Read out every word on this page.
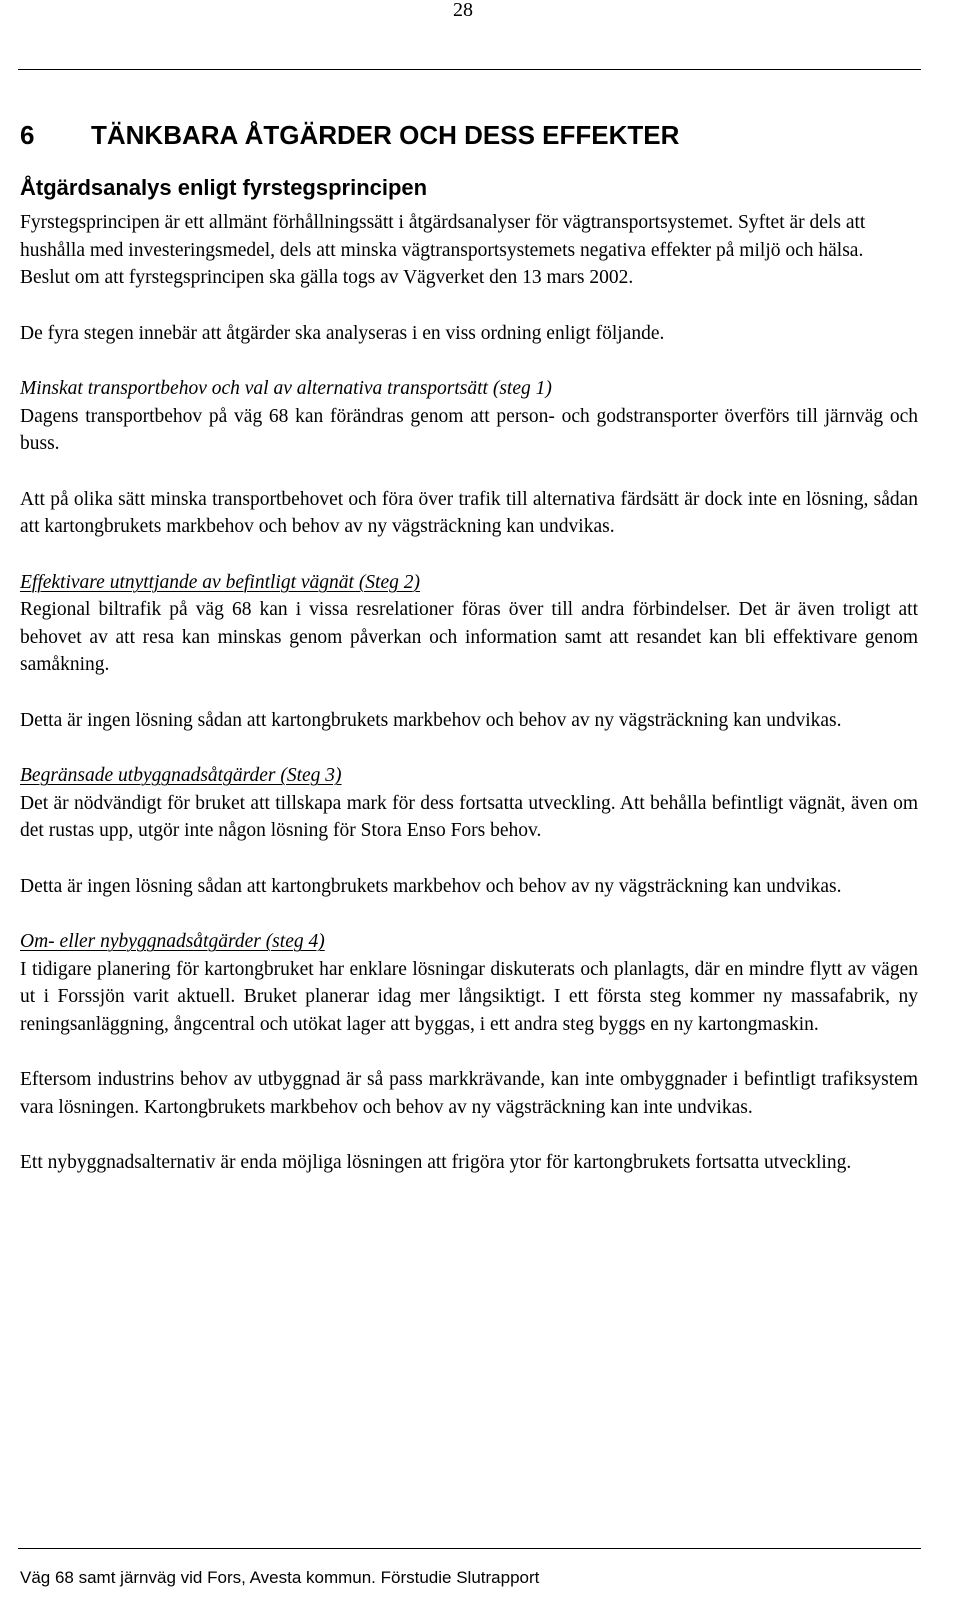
28
6	TÄNKBARA ÅTGÄRDER OCH DESS EFFEKTER
Åtgärdsanalys enligt fyrstegsprincipen

Fyrstegsprincipen är ett allmänt förhållningssätt i åtgärdsanalyser för vägtransportsystemet. Syftet är dels att hushålla med investeringsmedel, dels att minska vägtransportsystemets negativa effekter på miljö och hälsa. Beslut om att fyrstegsprincipen ska gälla togs av Vägverket den 13 mars 2002.

De fyra stegen innebär att åtgärder ska analyseras i en viss ordning enligt följande.

Minskat transportbehov och val av alternativa transportsätt (steg 1)

Dagens transportbehov på väg 68 kan förändras genom att person- och godstransporter överförs till järnväg och buss.

Att på olika sätt minska transportbehovet och föra över trafik till alternativa färdsätt är dock inte en lösning, sådan att kartongbrukets markbehov och behov av ny vägsträckning kan undvikas.

Effektivare utnyttjande av befintligt vägnät (Steg 2)

Regional biltrafik på väg 68 kan i vissa resrelationer föras över till andra förbindelser. Det är även troligt att behovet av att resa kan minskas genom påverkan och information samt att resandet kan bli effektivare genom samåkning.

Detta är ingen lösning sådan att kartongbrukets markbehov och behov av ny vägsträckning kan undvikas.

Begränsade utbyggnadsåtgärder (Steg 3)

Det är nödvändigt för bruket att tillskapa mark för dess fortsatta utveckling. Att behålla befintligt vägnät, även om det rustas upp, utgör inte någon lösning för Stora Enso Fors behov.

Detta är ingen lösning sådan att kartongbrukets markbehov och behov av ny vägsträckning kan undvikas.

Om- eller nybyggnadsåtgärder (steg 4)

I tidigare planering för kartongbruket har enklare lösningar diskuterats och planlagts, där en mindre flytt av vägen ut i Forssjön varit aktuell. Bruket planerar idag mer långsiktigt. I ett första steg kommer ny massafabrik, ny reningsanläggning, ångcentral och utökat lager att byggas, i ett andra steg byggs en ny kartongmaskin.

Eftersom industrins behov av utbyggnad är så pass markkrävande, kan inte ombyggnader i befintligt trafiksystem vara lösningen. Kartongbrukets markbehov och behov av ny vägsträckning kan inte undvikas.

Ett nybyggnadsalternativ är enda möjliga lösningen att frigöra ytor för kartongbrukets fortsatta utveckling.

Väg 68 samt järnväg vid Fors, Avesta kommun. Förstudie Slutrapport
